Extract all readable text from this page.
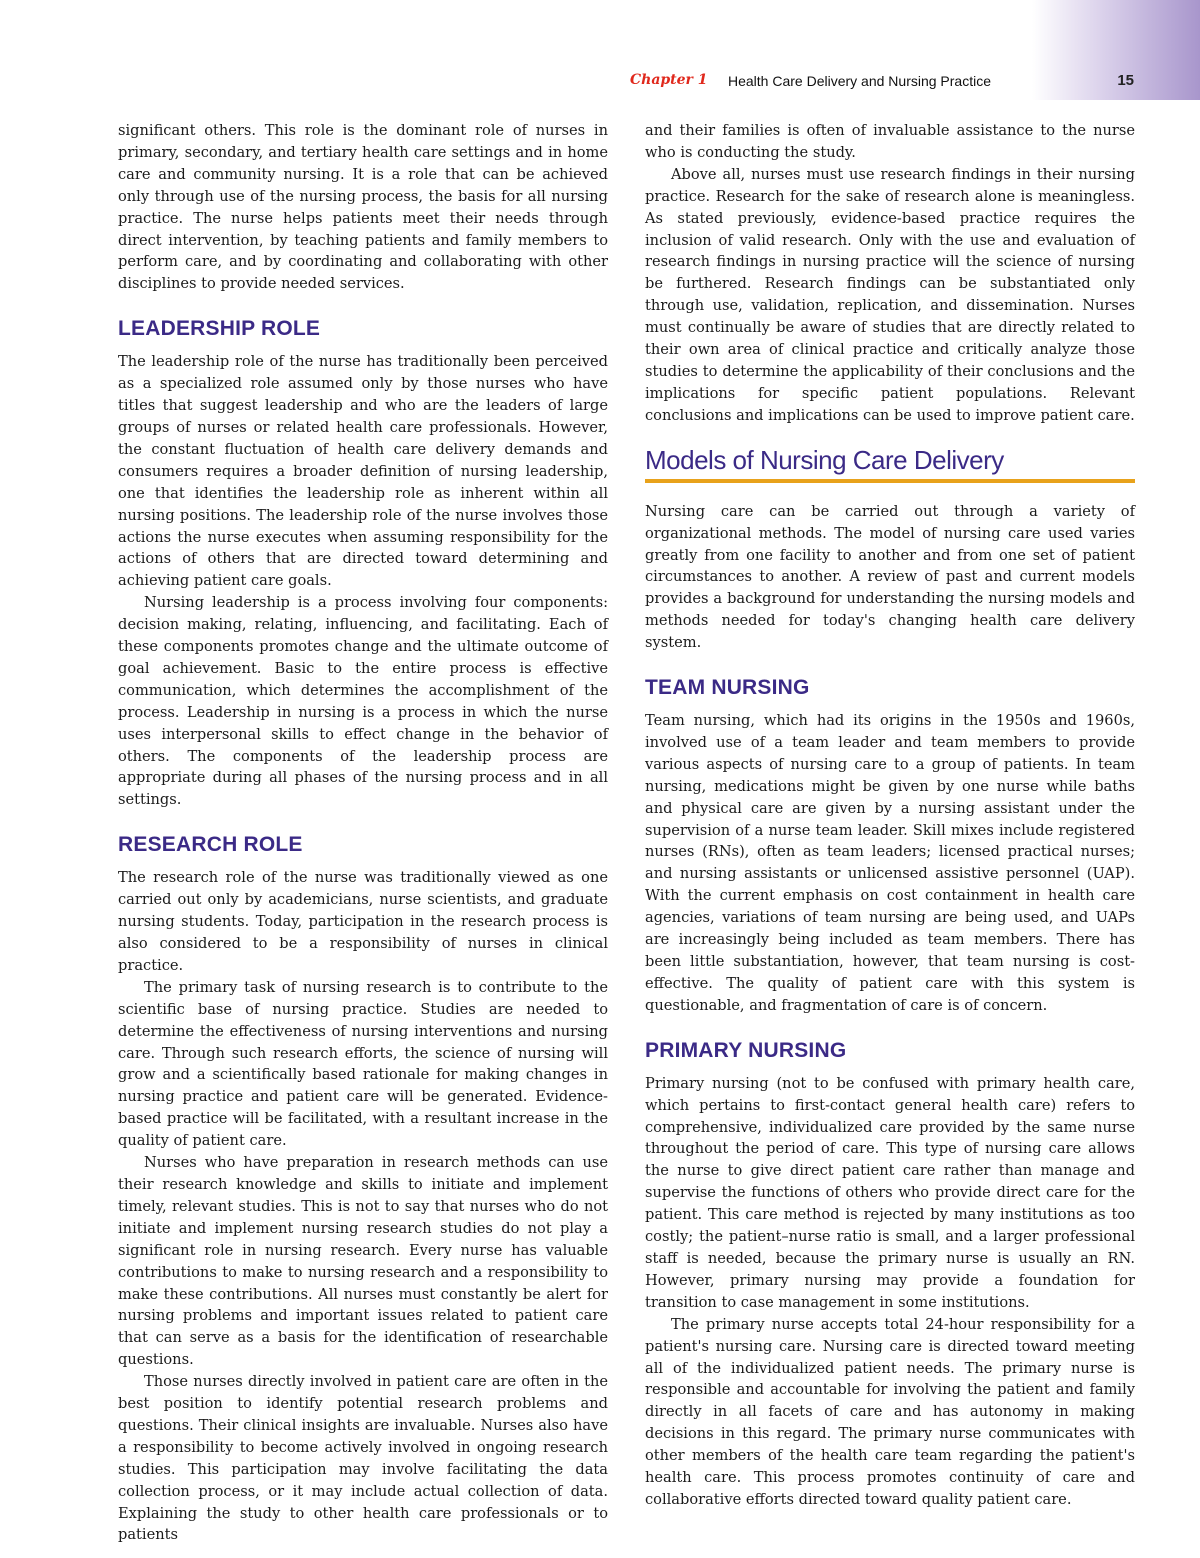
Chapter 1 Health Care Delivery and Nursing Practice	15

significant others. This role is the dominant role of nurses in primary, secondary, and tertiary health care settings and in home care and community nursing. It is a role that can be achieved only through use of the nursing process, the basis for all nursing practice. The nurse helps patients meet their needs through direct intervention, by teaching patients and family members to perform care, and by coordinating and collaborating with other disciplines to provide needed services.

LEADERSHIP ROLE

The leadership role of the nurse has traditionally been perceived as a specialized role assumed only by those nurses who have titles that suggest leadership and who are the leaders of large groups of nurses or related health care professionals. However, the constant fluctuation of health care delivery demands and consumers requires a broader definition of nursing leadership, one that identifies the leadership role as inherent within all nursing positions. The leadership role of the nurse involves those actions the nurse executes when assuming responsibility for the actions of others that are directed toward determining and achieving patient care goals.

Nursing leadership is a process involving four components: decision making, relating, influencing, and facilitating. Each of these components promotes change and the ultimate outcome of goal achievement. Basic to the entire process is effective communication, which determines the accomplishment of the process. Leadership in nursing is a process in which the nurse uses interpersonal skills to effect change in the behavior of others. The components of the leadership process are appropriate during all phases of the nursing process and in all settings.

RESEARCH ROLE

The research role of the nurse was traditionally viewed as one carried out only by academicians, nurse scientists, and graduate nursing students. Today, participation in the research process is also considered to be a responsibility of nurses in clinical practice.

The primary task of nursing research is to contribute to the scientific base of nursing practice. Studies are needed to determine the effectiveness of nursing interventions and nursing care. Through such research efforts, the science of nursing will grow and a scientifically based rationale for making changes in nursing practice and patient care will be generated. Evidence-based practice will be facilitated, with a resultant increase in the quality of patient care.

Nurses who have preparation in research methods can use their research knowledge and skills to initiate and implement timely, relevant studies. This is not to say that nurses who do not initiate and implement nursing research studies do not play a significant role in nursing research. Every nurse has valuable contributions to make to nursing research and a responsibility to make these contributions. All nurses must constantly be alert for nursing problems and important issues related to patient care that can serve as a basis for the identification of researchable questions.

Those nurses directly involved in patient care are often in the best position to identify potential research problems and questions. Their clinical insights are invaluable. Nurses also have a responsibility to become actively involved in ongoing research studies. This participation may involve facilitating the data collection process, or it may include actual collection of data. Explaining the study to other health care professionals or to patients

and their families is often of invaluable assistance to the nurse who is conducting the study.

Above all, nurses must use research findings in their nursing practice. Research for the sake of research alone is meaningless. As stated previously, evidence-based practice requires the inclusion of valid research. Only with the use and evaluation of research findings in nursing practice will the science of nursing be furthered. Research findings can be substantiated only through use, validation, replication, and dissemination. Nurses must continually be aware of studies that are directly related to their own area of clinical practice and critically analyze those studies to determine the applicability of their conclusions and the implications for specific patient populations. Relevant conclusions and implications can be used to improve patient care.

Models of Nursing Care Delivery

Nursing care can be carried out through a variety of organizational methods. The model of nursing care used varies greatly from one facility to another and from one set of patient circumstances to another. A review of past and current models provides a background for understanding the nursing models and methods needed for today's changing health care delivery system.

TEAM NURSING

Team nursing, which had its origins in the 1950s and 1960s, involved use of a team leader and team members to provide various aspects of nursing care to a group of patients. In team nursing, medications might be given by one nurse while baths and physical care are given by a nursing assistant under the supervision of a nurse team leader. Skill mixes include registered nurses (RNs), often as team leaders; licensed practical nurses; and nursing assistants or unlicensed assistive personnel (UAP). With the current emphasis on cost containment in health care agencies, variations of team nursing are being used, and UAPs are increasingly being included as team members. There has been little substantiation, however, that team nursing is cost-effective. The quality of patient care with this system is questionable, and fragmentation of care is of concern.

PRIMARY NURSING

Primary nursing (not to be confused with primary health care, which pertains to first-contact general health care) refers to comprehensive, individualized care provided by the same nurse throughout the period of care. This type of nursing care allows the nurse to give direct patient care rather than manage and supervise the functions of others who provide direct care for the patient. This care method is rejected by many institutions as too costly; the patient–nurse ratio is small, and a larger professional staff is needed, because the primary nurse is usually an RN. However, primary nursing may provide a foundation for transition to case management in some institutions.

The primary nurse accepts total 24-hour responsibility for a patient's nursing care. Nursing care is directed toward meeting all of the individualized patient needs. The primary nurse is responsible and accountable for involving the patient and family directly in all facets of care and has autonomy in making decisions in this regard. The primary nurse communicates with other members of the health care team regarding the patient's health care. This process promotes continuity of care and collaborative efforts directed toward quality patient care.
